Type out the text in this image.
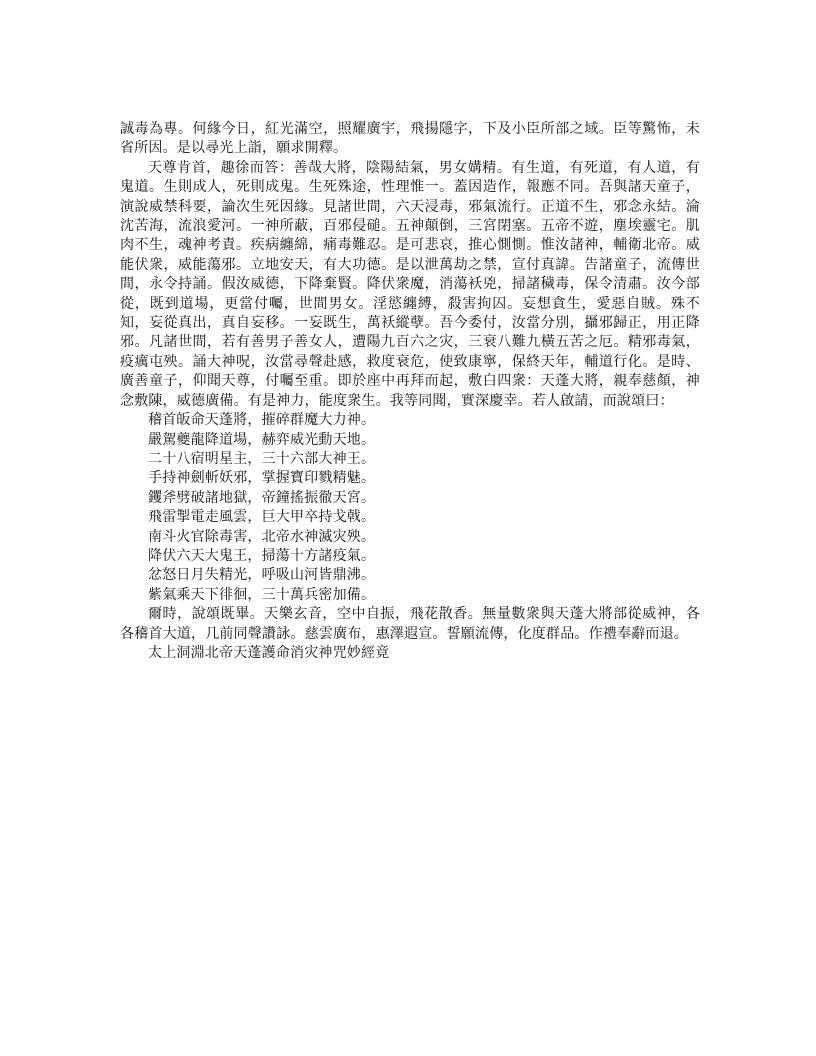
誠毒為專。何緣今日，紅光滿空，照耀廣宇，飛揚隱字，下及小臣所部之域。臣等驚怖，未省所因。是以尋光上詣，願求開釋。

天尊肯首，趣徐而答：善哉大將，陰陽結氣，男女媾精。有生道，有死道，有人道，有鬼道。生則成人，死則成鬼。生死殊途，性理惟一。蓋因造作，報應不同。吾與諸天童子，演說威禁科要，論次生死因緣。見諸世間，六天浸毒，邪氣流行。正道不生，邪念永結。淪沈苦海，流浪愛河。一神所蔽，百邪侵磓。五神顛倒，三宮閉塞。五帝不遊，塵埃靈宅。肌肉不生，魂神考責。疾病纏綿，痛毒難忍。是可悲哀，推心惻惻。惟汝諸神，輔衛北帝。威能伏衆，威能蕩邪。立地安天，有大功德。是以泄萬劫之禁，宣付真諱。告諸童子，流傳世間，永令持誦。假汝威德，下降棄賢。降伏衆魔，消蕩袄兇，掃諸穢毒，保令清肅。汝今部從，既到道場，更當付囑，世間男女。淫慾纏縛，殺害拘囚。妄想貪生，愛惡自賊。殊不知，妄從真出，真自妄移。一妄既生，萬袄縱孽。吾今委付，汝當分別，攝邪歸正，用正降邪。凡諸世間，若有善男子善女人，遭陽九百六之灾，三衰八難九橫五苦之厄。精邪毒氣，疫癘屯殃。誦大神呪，汝當尋聲赴感，救度衰危，使致康寧，保終天年，輔道行化。是時、廣善童子，仰聞天尊，付囑至重。即於座中再拜而起，敷白四衆：天蓬大將，親奉慈顏，神念敷陳，威德廣備。有是神力，能度衆生。我等同聞，實深慶幸。若人啟請，而說頌曰：

稽首皈命天蓬將，摧碎群魔大力神。

嚴駕夔龍降道場，赫弈威光動天地。

二十八宿明星主，三十六部大神王。

手持神劍斬妖邪，掌握寶印戮精魅。

钁斧劈破諸地獄，帝鐘搖振徹天宮。

飛雷掣電走風雲，巨大甲卒持戈戟。

南斗火官除毒害，北帝水神滅灾殃。

降伏六天大鬼王，掃蕩十方諸疫氣。

忿怒日月失精光，呼吸山河皆鼎沸。

紫氣乘天下徘徊，三十萬兵密加備。

爾時，說頌既畢。天樂玄音，空中自振，飛花散香。無量數衆與天蓬大將部從威神，各各稽首大道，几前同聲讚詠。慈雲廣布，惠澤遐宣。誓願流傳，化度群品。作禮奉辭而退。

太上洞淵北帝天蓬護命消灾神咒妙經竟
